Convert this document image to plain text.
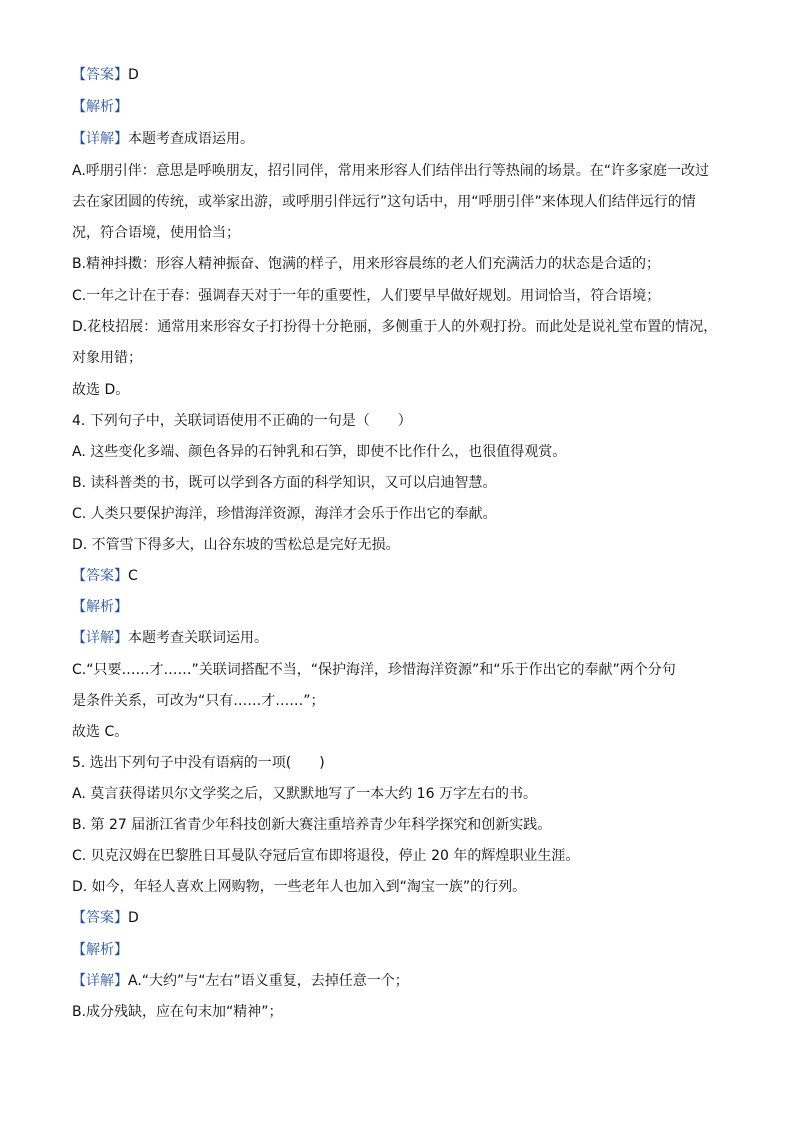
【答案】D
【解析】
【详解】本题考查成语运用。
A.呼朋引伴：意思是呼唤朋友，招引同伴，常用来形容人们结伴出行等热闹的场景。在“许多家庭一改过
去在家团圆的传统，或举家出游，或呼朋引伴远行”这句话中，用“呼朋引伴”来体现人们结伴远行的情
况，符合语境，使用恰当；
B.精神抖擞：形容人精神振奋、饱满的样子，用来形容晨练的老人们充满活力的状态是合适的；
C.一年之计在于春：强调春天对于一年的重要性，人们要早早做好规划。用词恰当，符合语境；
D.花枝招展：通常用来形容女子打扮得十分艳丽，多侧重于人的外观打扮。而此处是说礼堂布置的情况，
对象用错；
故选 D。
4. 下列句子中，关联词语使用不正确的一句是（　　）
A. 这些变化多端、颜色各异的石钟乳和石笋，即使不比作什么，也很值得观赏。
B. 读科普类的书，既可以学到各方面的科学知识，又可以启迪智慧。
C. 人类只要保护海洋，珍惜海洋资源，海洋才会乐于作出它的奉献。
D. 不管雪下得多大，山谷东坡的雪松总是完好无损。
【答案】C
【解析】
【详解】本题考查关联词运用。
C.“只要……才……”关联词搭配不当，“保护海洋，珍惜海洋资源”和“乐于作出它的奉献”两个分句
是条件关系，可改为“只有……才……”；
故选 C。
5. 选出下列句子中没有语病的一项(　　)
A. 莫言获得诺贝尔文学奖之后，又默默地写了一本大约 16 万字左右的书。
B. 第 27 届浙江省青少年科技创新大赛注重培养青少年科学探究和创新实践。
C. 贝克汉姆在巴黎胜日耳曼队夺冠后宣布即将退役，停止 20 年的辉煌职业生涯。
D. 如今，年轻人喜欢上网购物，一些老年人也加入到“淘宝一族”的行列。
【答案】D
【解析】
【详解】A.“大约”与“左右”语义重复，去掉任意一个；
B.成分残缺，应在句末加“精神”；
